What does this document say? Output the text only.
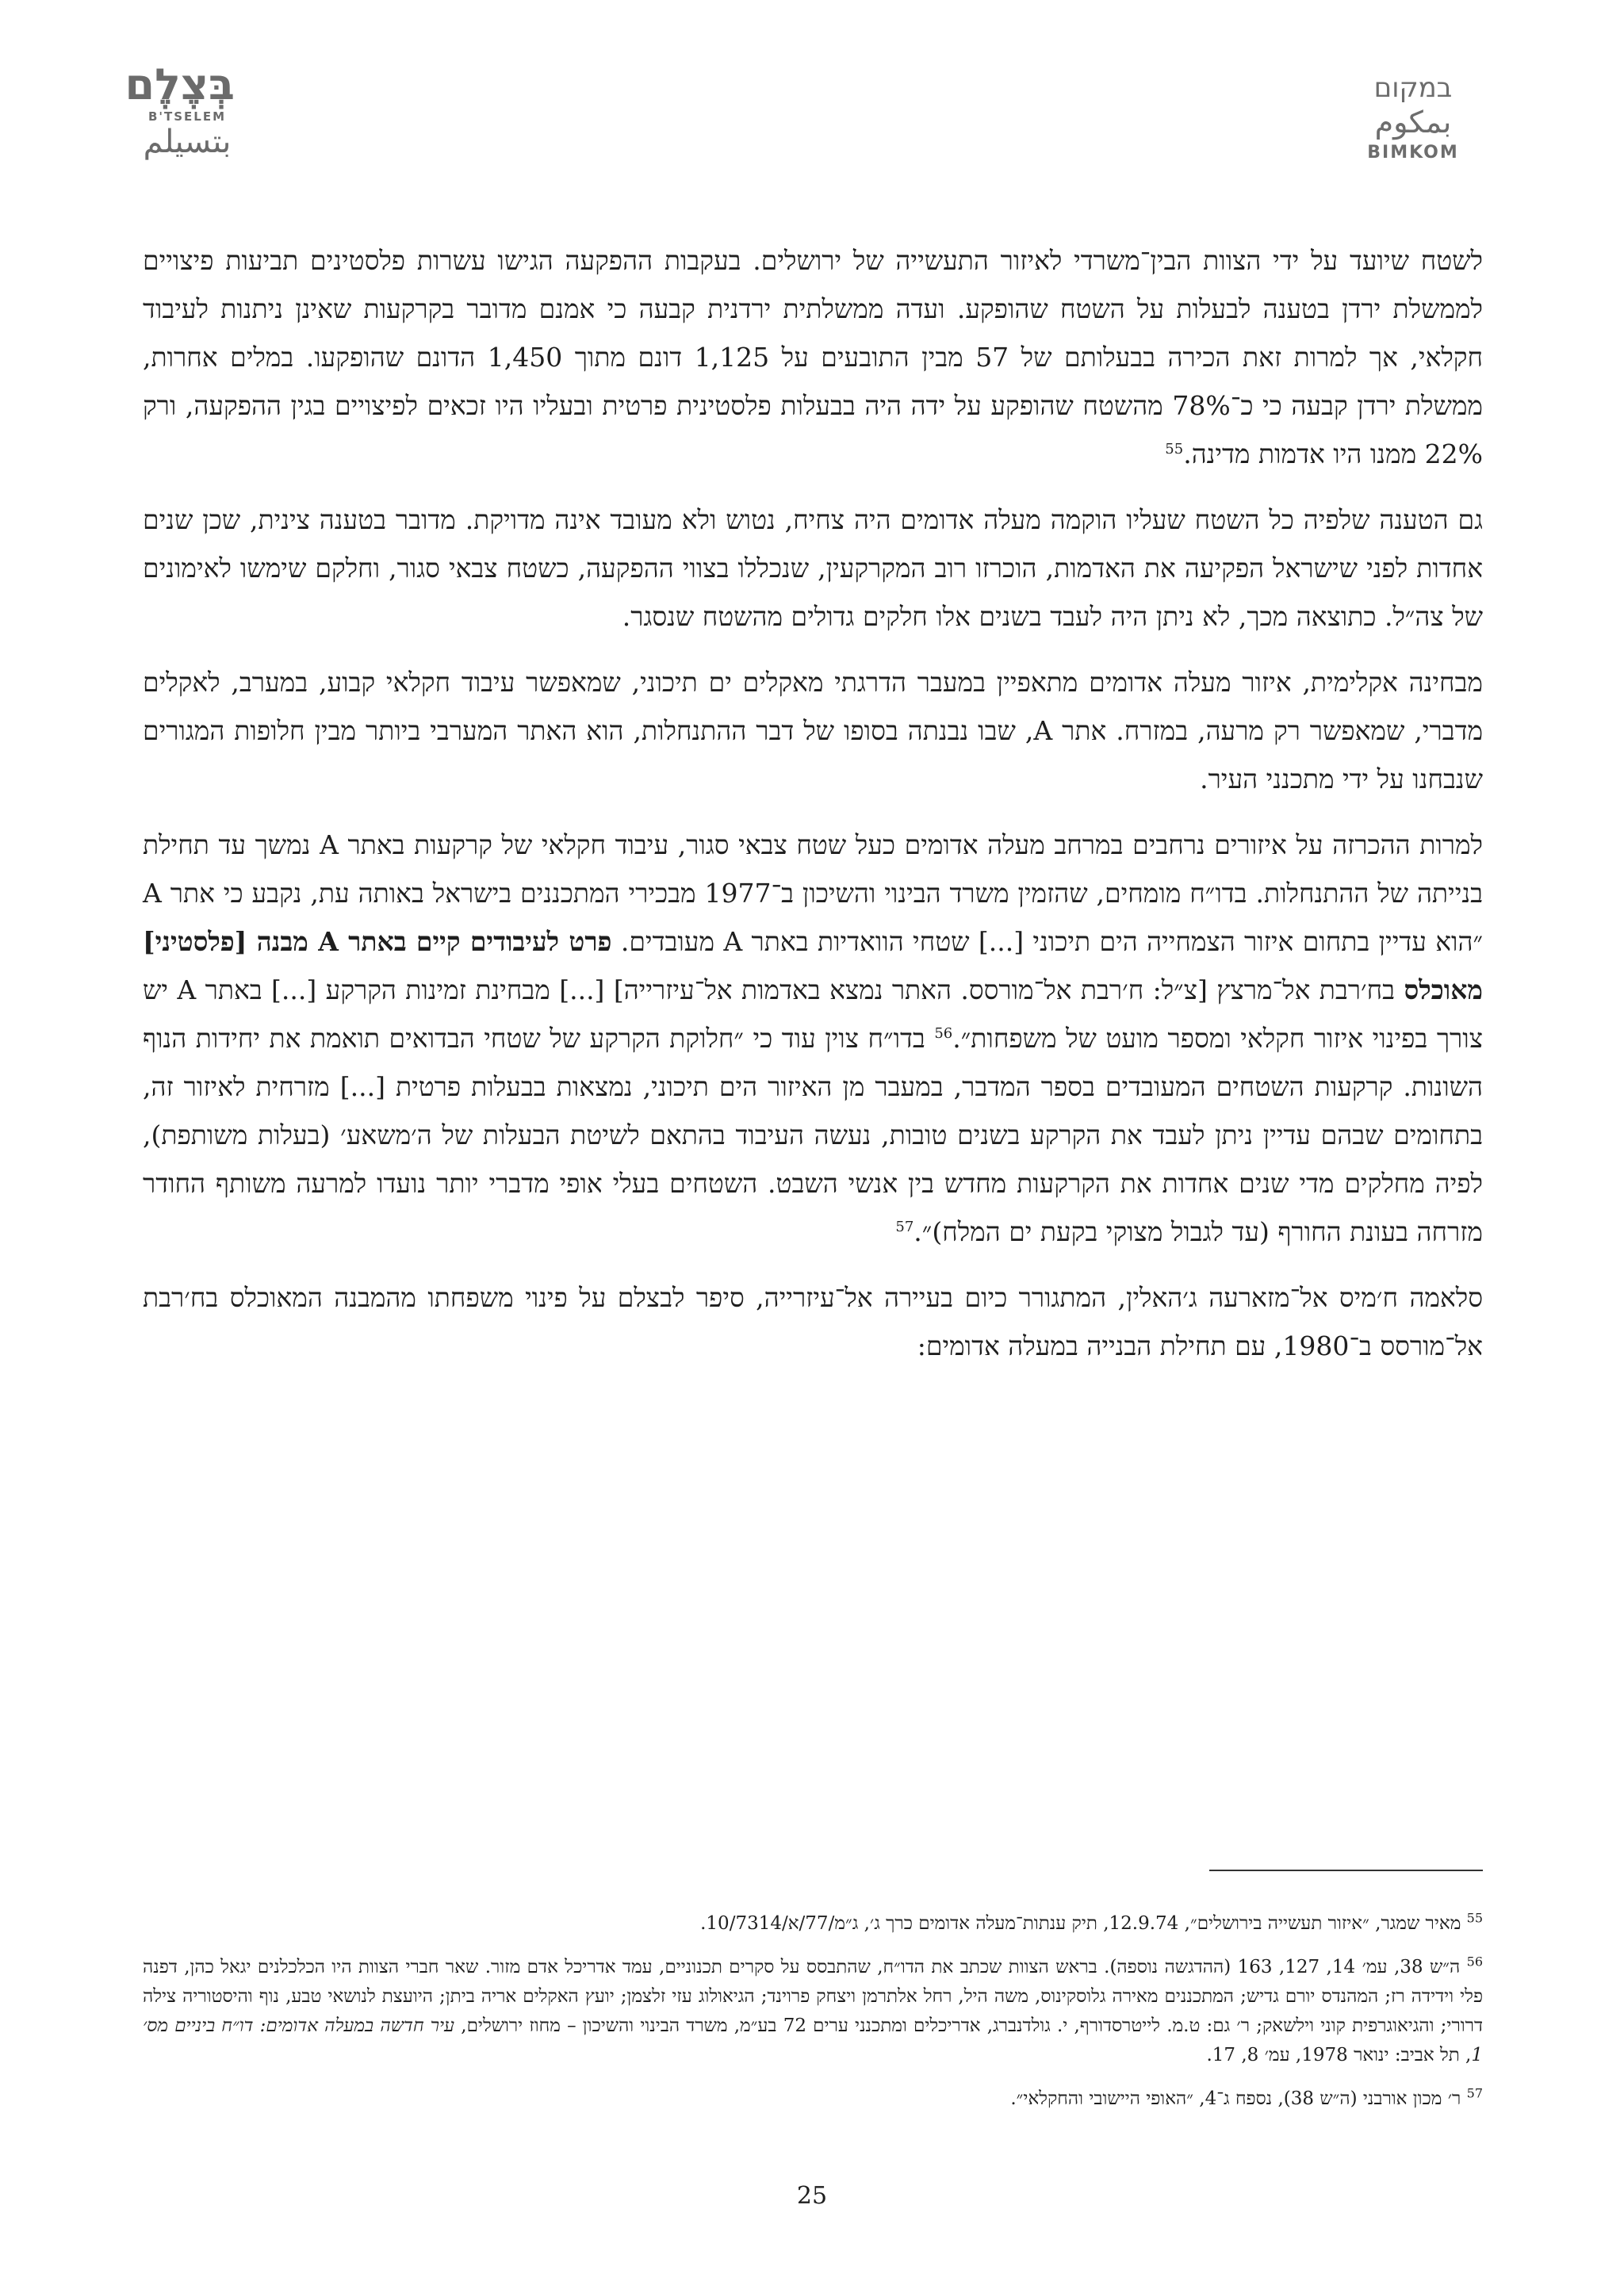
במקום
بمكوم
BIMKOM
בְּצֶלֶם
B'TSELEM
بتسيلم

לשטח שיועד על ידי הצוות הבין־משרדי לאיזור התעשייה של ירושלים. בעקבות ההפקעה הגישו עשרות פלסטינים תביעות פיצויים לממשלת ירדן בטענה לבעלות על השטח שהופקע. ועדה ממשלתית ירדנית קבעה כי אמנם מדובר בקרקעות שאינן ניתנות לעיבוד חקלאי, אך למרות זאת הכירה בבעלותם של 57 מבין התובעים על 1,125 דונם מתוך 1,450 הדונם שהופקעו. במלים אחרות, ממשלת ירדן קבעה כי כ־78% מהשטח שהופקע על ידה היה בבעלות פלסטינית פרטית ובעליו היו זכאים לפיצויים בגין ההפקעה, ורק 22% ממנו היו אדמות מדינה.$^{55}$

גם הטענה שלפיה כל השטח שעליו הוקמה מעלה אדומים היה צחיח, נטוש ולא מעובד אינה מדויקת. מדובר בטענה צינית, שכן שנים אחדות לפני שישראל הפקיעה את האדמות, הוכרזו רוב המקרקעין, שנכללו בצווי ההפקעה, כשטח צבאי סגור, וחלקם שימשו לאימונים של צה״ל. כתוצאה מכך, לא ניתן היה לעבד בשנים אלו חלקים גדולים מהשטח שנסגר.

מבחינה אקלימית, איזור מעלה אדומים מתאפיין במעבר הדרגתי מאקלים ים תיכוני, שמאפשר עיבוד חקלאי קבוע, במערב, לאקלים מדברי, שמאפשר רק מרעה, במזרח. אתר A, שבו נבנתה בסופו של דבר ההתנחלות, הוא האתר המערבי ביותר מבין חלופות המגורים שנבחנו על ידי מתכנני העיר.

למרות ההכרזה על איזורים נרחבים במרחב מעלה אדומים כעל שטח צבאי סגור, עיבוד חקלאי של קרקעות באתר A נמשך עד תחילת בנייתה של ההתנחלות. בדו״ח מומחים, שהזמין משרד הבינוי והשיכון ב־1977 מבכירי המתכננים בישראל באותה עת, נקבע כי אתר A ״הוא עדיין בתחום איזור הצמחייה הים תיכוני [...] שטחי הוואדיות באתר A מעובדים. פרט לעיבודים קיים באתר A מבנה [פלסטיני] מאוכלס בח׳רבת אל־מרצץ [צ״ל: ח׳רבת אל־מורסס. האתר נמצא באדמות אל־עיזרייה] [...] מבחינת זמינות הקרקע [...] באתר A יש צורך בפינוי איזור חקלאי ומספר מועט של משפחות״.$^{56}$ בדו״ח צוין עוד כי ״חלוקת הקרקע של שטחי הבדואים תואמת את יחידות הנוף השונות. קרקעות השטחים המעובדים בספר המדבר, במעבר מן האיזור הים תיכוני, נמצאות בבעלות פרטית [...] מזרחית לאיזור זה, בתחומים שבהם עדיין ניתן לעבד את הקרקע בשנים טובות, נעשה העיבוד בהתאם לשיטת הבעלות של ה׳משאע׳ (בעלות משותפת), לפיה מחלקים מדי שנים אחדות את הקרקעות מחדש בין אנשי השבט. השטחים בעלי אופי מדברי יותר נועדו למרעה משותף החודר מזרחה בעונת החורף (עד לגבול מצוקי בקעת ים המלח)״.$^{57}$

סלאמה ח׳מיס אל־מזארעה ג׳האלין, המתגורר כיום בעיירה אל־עיזרייה, סיפר לבצלם על פינוי משפחתו מהמבנה המאוכלס בח׳רבת אל־מורסס ב־1980, עם תחילת הבנייה במעלה אדומים:

$^{55}$ מאיר שמגר, ״איזור תעשייה בירושלים״, 12.9.74, תיק ענתות־מעלה אדומים כרך ג׳, ג״מ/77/א/10/7314.
$^{56}$ ה״ש 38, עמ׳ 14, 127, 163 (ההדגשה נוספה). בראש הצוות שכתב את הדו״ח, שהתבסס על סקרים תכנוניים, עמד אדריכל אדם מזור. שאר חברי הצוות היו הכלכלנים יגאל כהן, דפנה פלי וידידה רז; המהנדס יורם גדיש; המתכננים מאירה גלוסקינוס, משה היל, רחל אלתרמן ויצחק פרוינד; הגיאולוג עזי זלצמן; יועץ האקלים אריה ביתן; היועצת לנושאי טבע, נוף והיסטוריה צילה דרורי; והגיאוגרפית קוני וילשאק; ר׳ גם: ט.מ. לייטרסדורף, י. גולדנברג, אדריכלים ומתכנני ערים 72 בע״מ, משרד הבינוי והשיכון – מחוז ירושלים, עיר חדשה במעלה אדומים: דו״ח ביניים מס׳ 1, תל אביב: ינואר 1978, עמ׳ 8, 17.
$^{57}$ ר׳ מכון אורבני (ה״ש 38), נספח ג־4, ״האופי היישובי והחקלאי״.
25
